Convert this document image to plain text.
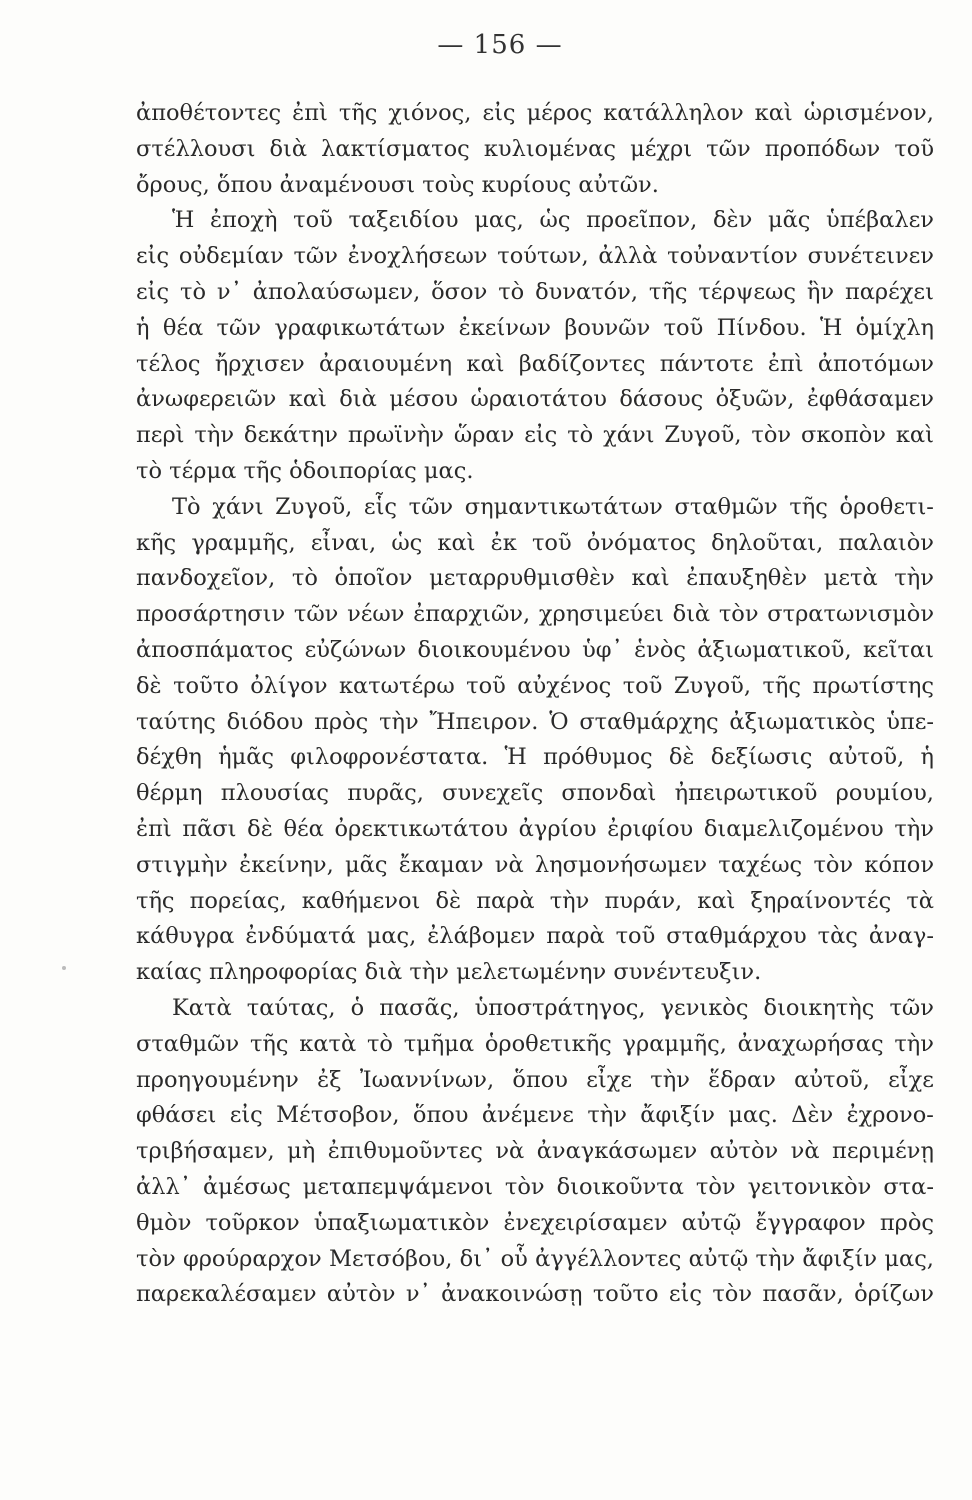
— 156 —
ἀποθέτοντες ἐπὶ τῆς χιόνος, εἰς μέρος κατάλληλον καὶ ὡρισμένον,
στέλλουσι διὰ λακτίσματος κυλιομένας μέχρι τῶν προπόδων τοῦ
ὄρους, ὅπου ἀναμένουσι τοὺς κυρίους αὐτῶν.
Ἡ ἐποχὴ τοῦ ταξειδίου μας, ὡς προεῖπον, δὲν μᾶς ὑπέβαλεν
εἰς οὐδεμίαν τῶν ἐνοχλήσεων τούτων, ἀλλὰ τοὐναντίον συνέτεινεν
εἰς τὸ ν᾽ ἀπολαύσωμεν, ὅσον τὸ δυνατόν, τῆς τέρψεως ἣν παρέχει
ἡ θέα τῶν γραφικωτάτων ἐκείνων βουνῶν τοῦ Πίνδου. Ἡ ὁμίχλη
τέλος ἤρχισεν ἀραιουμένη καὶ βαδίζοντες πάντοτε ἐπὶ ἀποτόμων
ἀνωφερειῶν καὶ διὰ μέσου ὡραιοτάτου δάσους ὀξυῶν, ἐφθάσαμεν
περὶ τὴν δεκάτην πρωϊνὴν ὥραν εἰς τὸ χάνι Ζυγοῦ, τὸν σκοπὸν καὶ
τὸ τέρμα τῆς ὁδοιπορίας μας.
Τὸ χάνι Ζυγοῦ, εἷς τῶν σημαντικωτάτων σταθμῶν τῆς ὁροθετι-
κῆς γραμμῆς, εἶναι, ὡς καὶ ἐκ τοῦ ὀνόματος δηλοῦται, παλαιὸν
πανδοχεῖον, τὸ ὁποῖον μεταρρυθμισθὲν καὶ ἐπαυξηθὲν μετὰ τὴν
προσάρτησιν τῶν νέων ἐπαρχιῶν, χρησιμεύει διὰ τὸν στρατωνισμὸν
ἀποσπάματος εὐζώνων διοικουμένου ὑφ᾽ ἑνὸς ἀξιωματικοῦ, κεῖται
δὲ τοῦτο ὀλίγον κατωτέρω τοῦ αὐχένος τοῦ Ζυγοῦ, τῆς πρωτίστης
ταύτης διόδου πρὸς τὴν Ἤπειρον. Ὁ σταθμάρχης ἀξιωματικὸς ὑπε-
δέχθη ἡμᾶς φιλοφρονέστατα. Ἡ πρόθυμος δὲ δεξίωσις αὐτοῦ, ἡ
θέρμη πλουσίας πυρᾶς, συνεχεῖς σπονδαὶ ἠπειρωτικοῦ ρουμίου,
ἐπὶ πᾶσι δὲ θέα ὀρεκτικωτάτου ἀγρίου ἐριφίου διαμελιζομένου τὴν
στιγμὴν ἐκείνην, μᾶς ἔκαμαν νὰ λησμονήσωμεν ταχέως τὸν κόπον
τῆς πορείας, καθήμενοι δὲ παρὰ τὴν πυράν, καὶ ξηραίνοντές τὰ
κάθυγρα ἐνδύματά μας, ἐλάβομεν παρὰ τοῦ σταθμάρχου τὰς ἀναγ-
καίας πληροφορίας διὰ τὴν μελετωμένην συνέντευξιν.
Κατὰ ταύτας, ὁ πασᾶς, ὑποστράτηγος, γενικὸς διοικητὴς τῶν
σταθμῶν τῆς κατὰ τὸ τμῆμα ὁροθετικῆς γραμμῆς, ἀναχωρήσας τὴν
προηγουμένην ἐξ Ἰωαννίνων, ὅπου εἶχε τὴν ἕδραν αὐτοῦ, εἶχε
φθάσει εἰς Μέτσοβον, ὅπου ἀνέμενε τὴν ἄφιξίν μας. Δὲν ἐχρονο-
τριβήσαμεν, μὴ ἐπιθυμοῦντες νὰ ἀναγκάσωμεν αὐτὸν νὰ περιμένῃ
ἀλλ᾽ ἀμέσως μεταπεμψάμενοι τὸν διοικοῦντα τὸν γειτονικὸν στα-
θμὸν τοῦρκον ὑπαξιωματικὸν ἐνεχειρίσαμεν αὐτῷ ἔγγραφον πρὸς
τὸν φρούραρχον Μετσόβου, δι᾽ οὗ ἀγγέλλοντες αὐτῷ τὴν ἄφιξίν μας,
παρεκαλέσαμεν αὐτὸν ν᾽ ἀνακοινώσῃ τοῦτο εἰς τὸν πασᾶν, ὁρίζων
